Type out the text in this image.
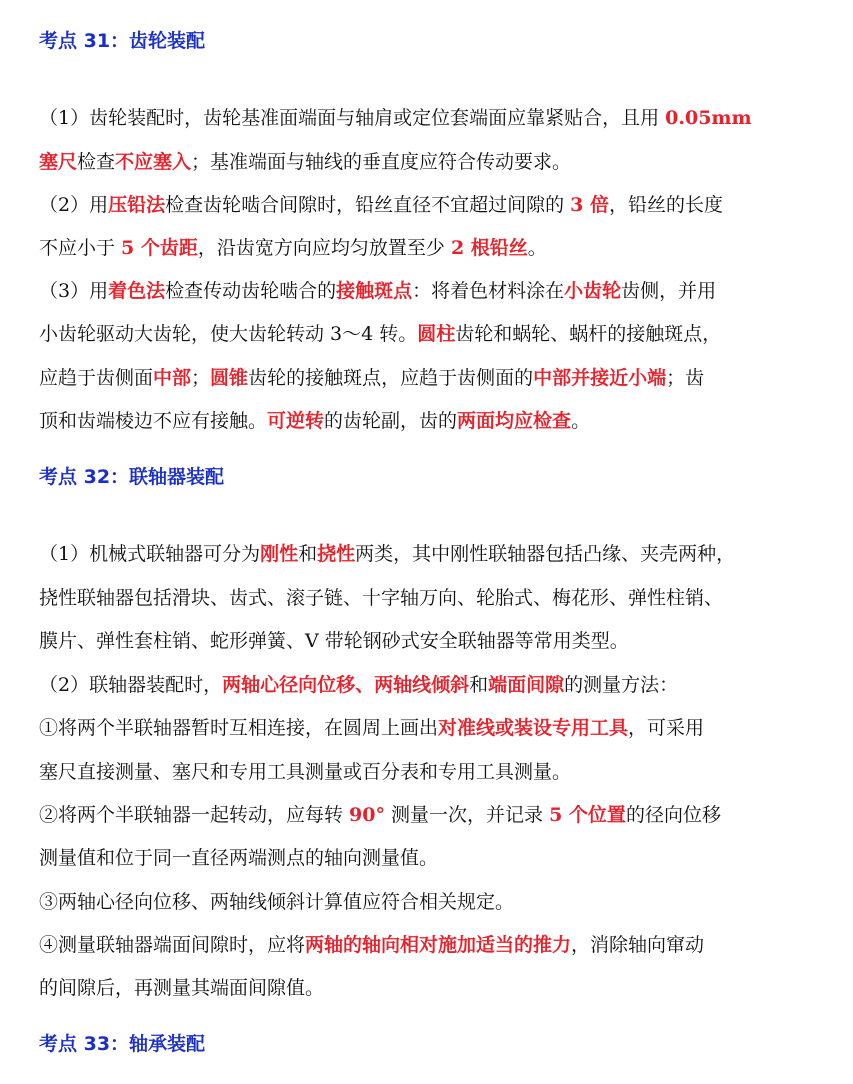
考点 31：齿轮装配

（1）齿轮装配时，齿轮基准面端面与轴肩或定位套端面应靠紧贴合，且用 0.05mm

塞尺检查不应塞入；基准端面与轴线的垂直度应符合传动要求。

（2）用压铅法检查齿轮啮合间隙时，铅丝直径不宜超过间隙的 3 倍，铅丝的长度

不应小于 5 个齿距，沿齿宽方向应均匀放置至少 2 根铅丝。

（3）用着色法检查传动齿轮啮合的接触斑点：将着色材料涂在小齿轮齿侧，并用

小齿轮驱动大齿轮，使大齿轮转动 3～4 转。圆柱齿轮和蜗轮、蜗杆的接触斑点，

应趋于齿侧面中部；圆锥齿轮的接触斑点，应趋于齿侧面的中部并接近小端；齿

顶和齿端棱边不应有接触。可逆转的齿轮副，齿的两面均应检查。

考点 32：联轴器装配

（1）机械式联轴器可分为刚性和挠性两类，其中刚性联轴器包括凸缘、夹壳两种，

挠性联轴器包括滑块、齿式、滚子链、十字轴万向、轮胎式、梅花形、弹性柱销、

膜片、弹性套柱销、蛇形弹簧、V 带轮钢砂式安全联轴器等常用类型。

（2）联轴器装配时，两轴心径向位移、两轴线倾斜和端面间隙的测量方法：

①将两个半联轴器暂时互相连接，在圆周上画出对准线或装设专用工具，可采用

塞尺直接测量、塞尺和专用工具测量或百分表和专用工具测量。

②将两个半联轴器一起转动，应每转 90° 测量一次，并记录 5 个位置的径向位移

测量值和位于同一直径两端测点的轴向测量值。

③两轴心径向位移、两轴线倾斜计算值应符合相关规定。

④测量联轴器端面间隙时，应将两轴的轴向相对施加适当的推力，消除轴向窜动

的间隙后，再测量其端面间隙值。

考点 33：轴承装配
